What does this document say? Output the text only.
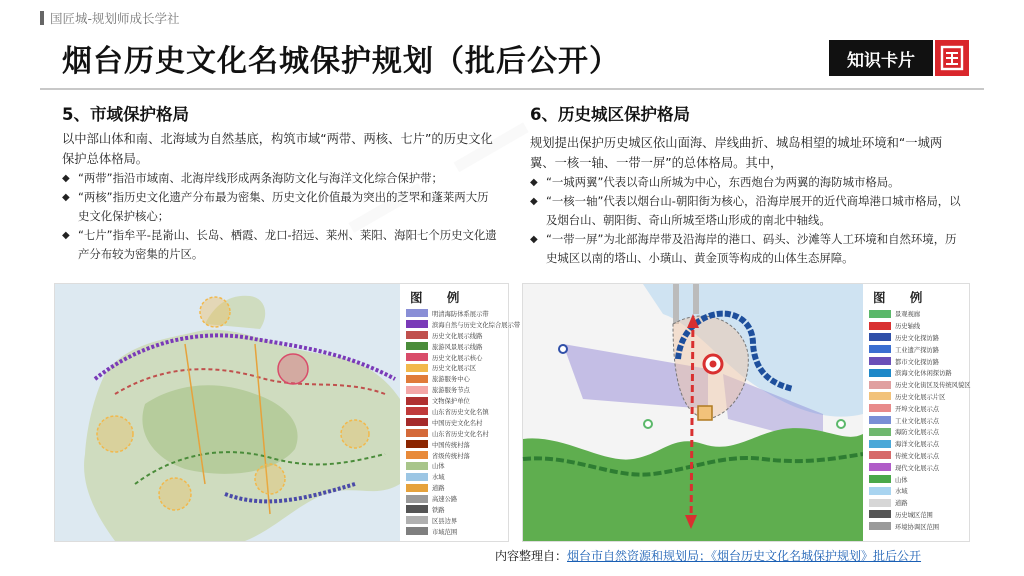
国匠城-规划师成长学社
烟台历史文化名城保护规划（批后公开）	知识卡片
5、市域保护格局

以中部山体和南、北海域为自然基底，构筑市域“两带、两核、七片”的历史文化保护总体格局。

◆ “两带”指沿市域南、北海岸线形成两条海防文化与海洋文化综合保护带；
◆ “两核”指历史文化遗产分布最为密集、历史文化价值最为突出的芝罘和蓬莱两大历史文化保护核心；
◆ “七片”指牟平-昆嵛山、长岛、栖霞、龙口-招远、莱州、莱阳、海阳七个历史文化遗产分布较为密集的片区。
图 例
明清海防体系展示带
滨海自然与历史文化综合展示带
历史文化展示线路
旅游风景展示线路
历史文化展示核心
历史文化展示区
旅游服务中心
旅游服务节点
文物保护单位
山东省历史文化名镇
中国历史文化名村
山东省历史文化名村
中国传统村落
省级传统村落
山体
水域
道路
高速公路
铁路
区县边界
市域范围
6、历史城区保护格局

规划提出保护历史城区依山面海、岸线曲折、城岛相望的城址环境和“一城两翼、一核一轴、一带一屏”的总体格局。其中，

◆ “一城两翼”代表以奇山所城为中心，东西炮台为两翼的海防城市格局。
◆ “一核一轴”代表以烟台山-朝阳街为核心，沿海岸展开的近代商埠港口城市格局，以及烟台山、朝阳街、奇山所城至塔山形成的南北中轴线。
◆ “一带一屏”为北部海岸带及沿海岸的港口、码头、沙滩等人工环境和自然环境，历史城区以南的塔山、小璜山、黄金顶等构成的山体生态屏障。
图 例
景观视廊
历史轴线
历史文化探访路
工业遗产探访路
都市文化探访路
滨海文化休闲探访路
历史文化街区及传统风貌区
历史文化展示片区
开埠文化展示点
工业文化展示点
海防文化展示点
海洋文化展示点
传统文化展示点
现代文化展示点
山体
水域
道路
历史城区范围
环境协调区范围
内容整理自：烟台市自然资源和规划局；《烟台历史文化名城保护规划》批后公开
